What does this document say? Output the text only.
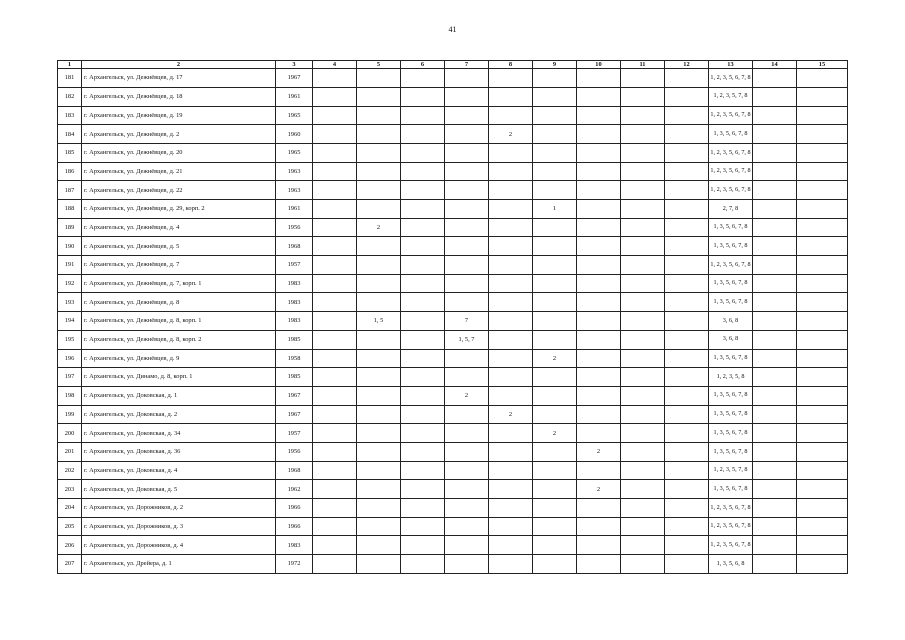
41
1	2	3	4	5	6	7	8	9	10	11	12	13	14	15
181	г. Архангельск, ул. Дежнёвцев, д. 17	1967										1, 2, 3, 5, 6, 7, 8		
182	г. Архангельск, ул. Дежнёвцев, д. 18	1961										1, 2, 3, 5, 7, 8		
183	г. Архангельск, ул. Дежнёвцев, д. 19	1965										1, 2, 3, 5, 6, 7, 8		
184	г. Архангельск, ул. Дежнёвцев, д. 2	1960					2					1, 3, 5, 6, 7, 8		
185	г. Архангельск, ул. Дежнёвцев, д. 20	1965										1, 2, 3, 5, 6, 7, 8		
186	г. Архангельск, ул. Дежнёвцев, д. 21	1963										1, 2, 3, 5, 6, 7, 8		
187	г. Архангельск, ул. Дежнёвцев, д. 22	1963										1, 2, 3, 5, 6, 7, 8		
188	г. Архангельск, ул. Дежнёвцев, д. 29, корп. 2	1961						1				2, 7, 8		
189	г. Архангельск, ул. Дежнёвцев, д. 4	1956		2								1, 3, 5, 6, 7, 8		
190	г. Архангельск, ул. Дежнёвцев, д. 5	1968										1, 3, 5, 6, 7, 8		
191	г. Архангельск, ул. Дежнёвцев, д. 7	1957										1, 2, 3, 5, 6, 7, 8		
192	г. Архангельск, ул. Дежнёвцев, д. 7, корп. 1	1983										1, 3, 5, 6, 7, 8		
193	г. Архангельск, ул. Дежнёвцев, д. 8	1983										1, 3, 5, 6, 7, 8		
194	г. Архангельск, ул. Дежнёвцев, д. 8, корп. 1	1983		1, 5		7						3, 6, 8		
195	г. Архангельск, ул. Дежнёвцев, д. 8, корп. 2	1985				1, 5, 7						3, 6, 8		
196	г. Архангельск, ул. Дежнёвцев, д. 9	1958						2				1, 3, 5, 6, 7, 8		
197	г. Архангельск, ул. Динамо, д. 8, корп. 1	1985										1, 2, 3, 5, 8		
198	г. Архангельск, ул. Доковская, д. 1	1967				2						1, 3, 5, 6, 7, 8		
199	г. Архангельск, ул. Доковская, д. 2	1967					2					1, 3, 5, 6, 7, 8		
200	г. Архангельск, ул. Доковская, д. 34	1957						2				1, 3, 5, 6, 7, 8		
201	г. Архангельск, ул. Доковская, д. 36	1956							2			1, 3, 5, 6, 7, 8		
202	г. Архангельск, ул. Доковская, д. 4	1968										1, 2, 3, 5, 7, 8		
203	г. Архангельск, ул. Доковская, д. 5	1962							2			1, 3, 5, 6, 7, 8		
204	г. Архангельск, ул. Дорожников, д. 2	1966										1, 2, 3, 5, 6, 7, 8		
205	г. Архангельск, ул. Дорожников, д. 3	1966										1, 2, 3, 5, 6, 7, 8		
206	г. Архангельск, ул. Дорожников, д. 4	1983										1, 2, 3, 5, 6, 7, 8		
207	г. Архангельск, ул. Дрейера, д. 1	1972										1, 3, 5, 6, 8		
